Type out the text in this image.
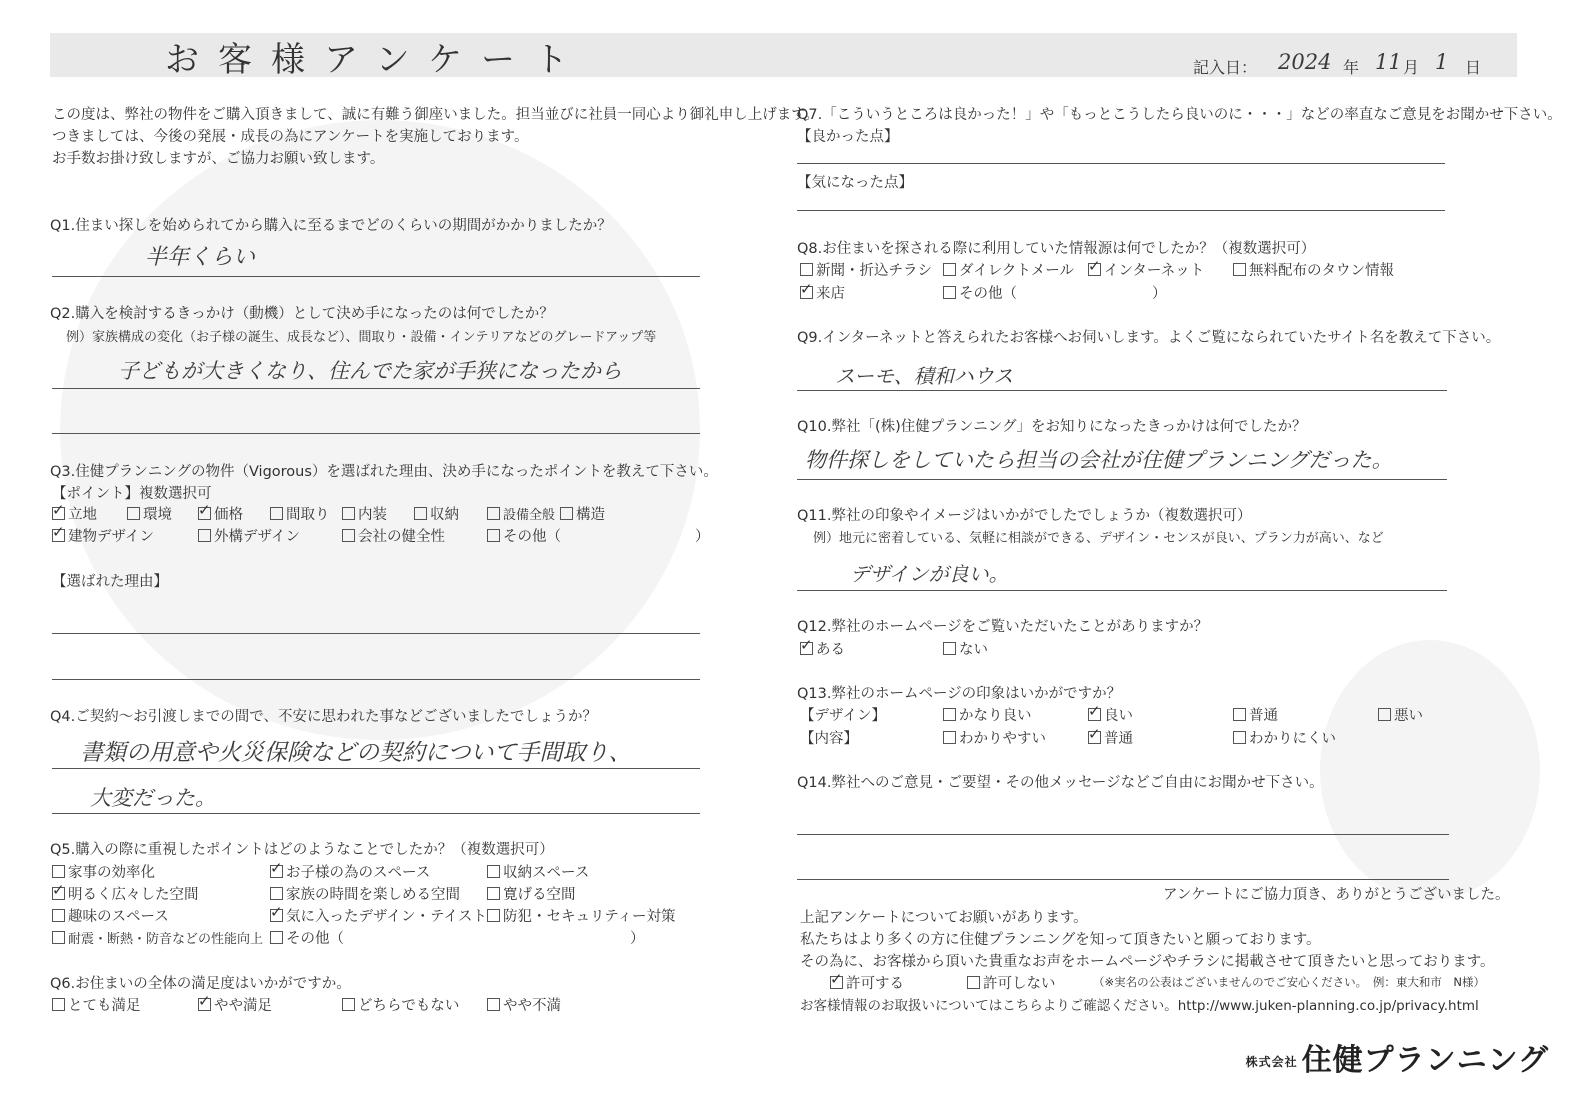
お客様アンケート	記入日： 2024 年 11 月 1 日
この度は、弊社の物件をご購入頂きまして、誠に有難う御座いました。担当並びに社員一同心より御礼申し上げます。
つきましては、今後の発展・成長の為にアンケートを実施しております。
お手数お掛け致しますが、ご協力お願い致します。
Q1.住まい探しを始められてから購入に至るまでどのくらいの期間がかかりましたか？
半年くらい
Q2.購入を検討するきっかけ（動機）として決め手になったのは何でしたか？
例）家族構成の変化（お子様の誕生、成長など）、間取り・設備・インテリアなどのグレードアップ等
子どもが大きくなり、住んでた家が手狭になったから
Q3.住健プランニングの物件（Vigorous）を選ばれた理由、決め手になったポイントを教えて下さい。
【ポイント】複数選択可
✓立地	環境 ✓	価格	間取り	内装	収納	設備全般	構造
✓建物デザイン	外構デザイン	会社の健全性	その他（	）
【選ばれた理由】
Q4.ご契約～お引渡しまでの間で、不安に思われた事などございましたでしょうか？
書類の用意や火災保険などの契約について手間取り、
大変だった。
Q5.購入の際に重視したポイントはどのようなことでしたか？（複数選択可）
家事の効率化 ✓	お子様の為のスペース	収納スペース
✓明るく広々した空間	家族の時間を楽しめる空間	寛げる空間
趣味のスペース ✓	気に入ったデザイン・テイスト	防犯・セキュリティー対策
耐震・断熱・防音などの性能向上	その他（	）
Q6.お住まいの全体の満足度はいかがですか。
とても満足 ✓	やや満足	どちらでもない	やや不満
Q7.「こういうところは良かった！」や「もっとこうしたら良いのに・・・」などの率直なご意見をお聞かせ下さい。
【良かった点】
【気になった点】
Q8.お住まいを探される際に利用していた情報源は何でしたか？（複数選択可）
新聞・折込チラシ	ダイレクトメール ✓	インターネット	無料配布のタウン情報
✓来店	その他（	）
Q9.インターネットと答えられたお客様へお伺いします。よくご覧になられていたサイト名を教えて下さい。
スーモ、積和ハウス
Q10.弊社「(株)住健プランニング」をお知りになったきっかけは何でしたか？
物件探しをしていたら担当の会社が住健プランニングだった。
Q11.弊社の印象やイメージはいかがでしたでしょうか（複数選択可）
例）地元に密着している、気軽に相談ができる、デザイン・センスが良い、プラン力が高い、など
デザインが良い。
Q12.弊社のホームページをご覧いただいたことがありますか？
✓ある	ない
Q13.弊社のホームページの印象はいかがですか？
【デザイン】	かなり良い ✓	良い	普通	悪い
【内容】	わかりやすい ✓	普通	わかりにくい
Q14.弊社へのご意見・ご要望・その他メッセージなどご自由にお聞かせ下さい。
アンケートにご協力頂き、ありがとうございました。
上記アンケートについてお願いがあります。
私たちはより多くの方に住健プランニングを知って頂きたいと願っております。
その為に、お客様から頂いた貴重なお声をホームページやチラシに掲載させて頂きたいと思っております。
✓許可する	許可しない	（※実名の公表はございませんのでご安心ください。　例：東大和市　N様）
お客様情報のお取扱いについてはこちらよりご確認ください。http://www.juken-planning.co.jp/privacy.html
株式会社 住健プランニング
